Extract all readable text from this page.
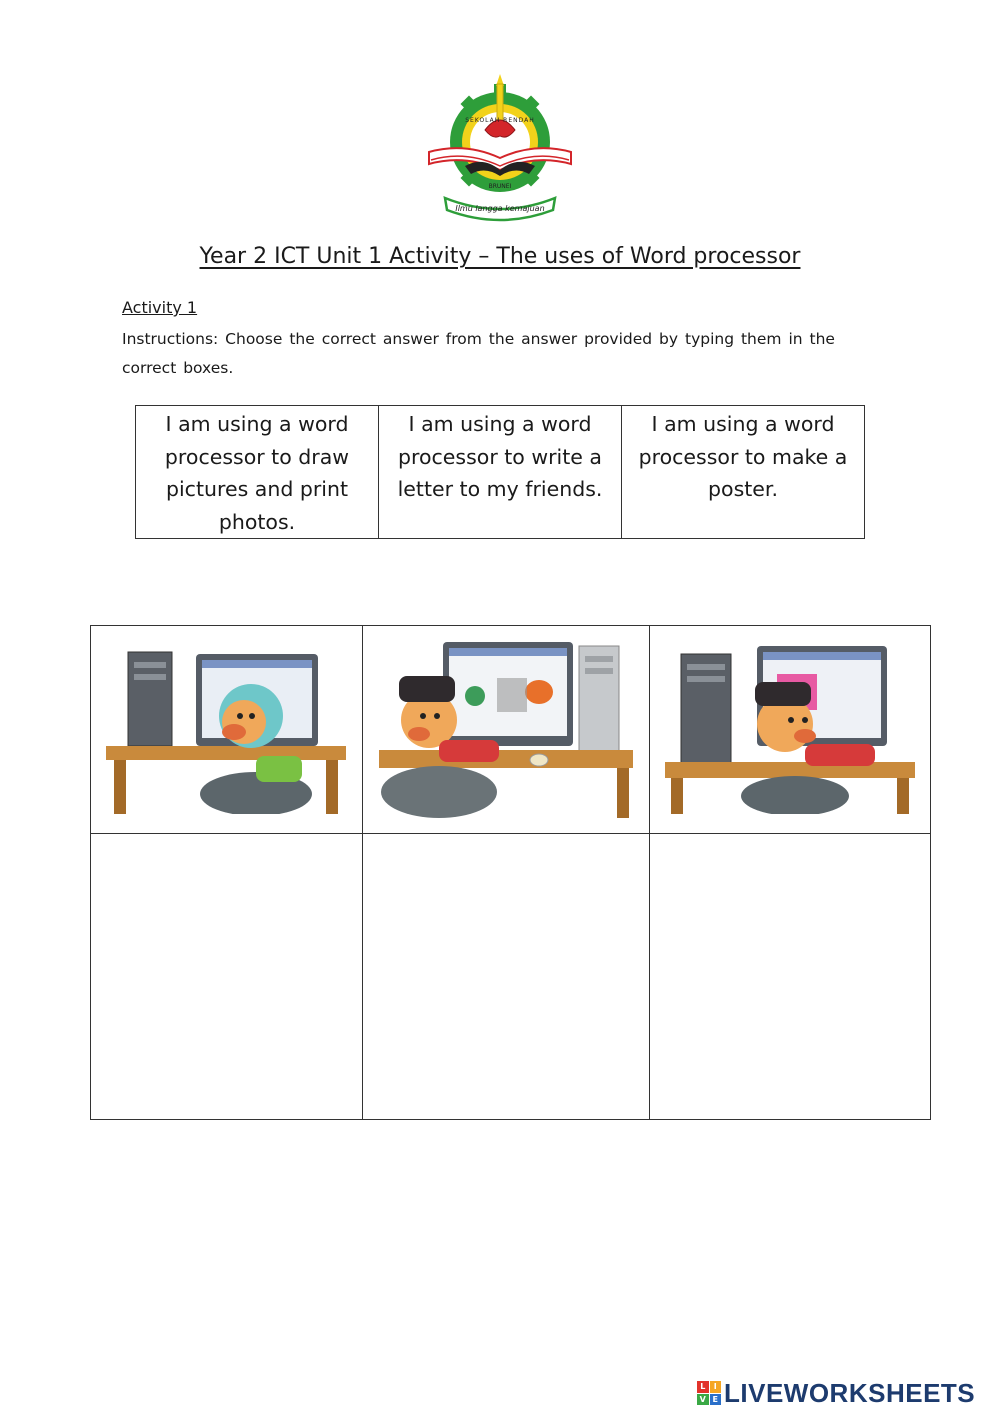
SEKOLAH RENDAH
BRUNEI
Ilmu langga kemajuan
Year 2 ICT Unit 1 Activity – The uses of Word processor
Activity 1
Instructions: Choose the correct answer from the answer provided by typing them in the correct boxes.
I am using a word processor to draw pictures and print photos.	I am using a word processor to write a letter to my friends.	I am using a word processor to make a poster.

L	I
V E LIVEWORKSHEETS
